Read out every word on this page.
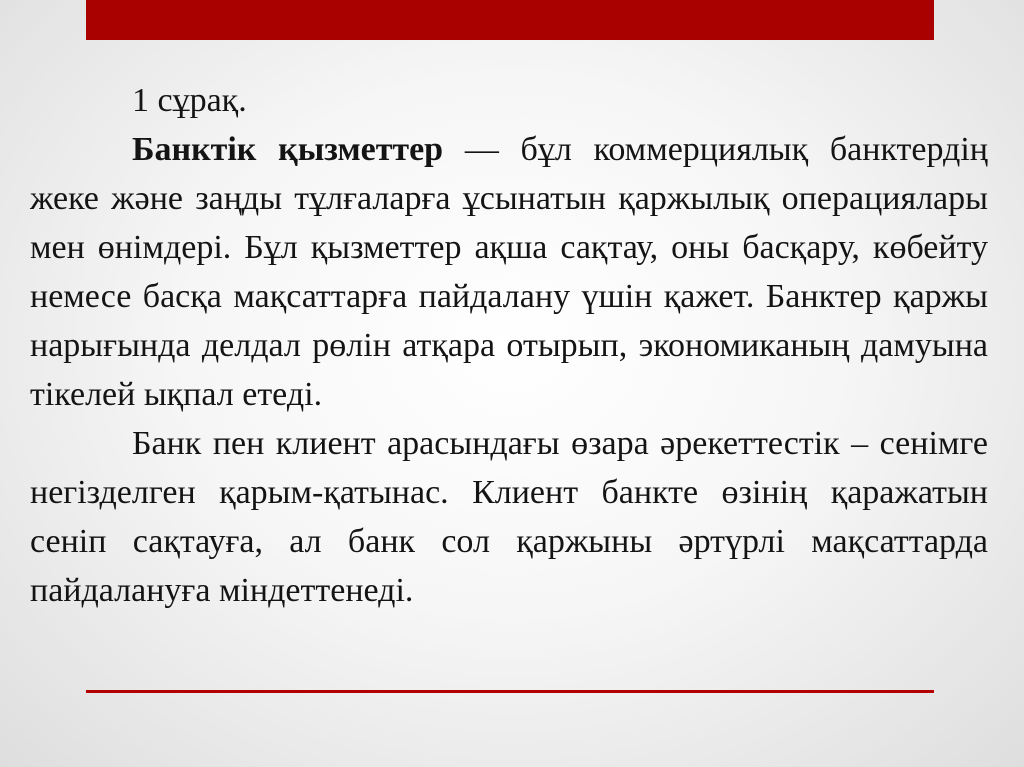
1 сұрақ.

Банктік қызметтер — бұл коммерциялық банктердің жеке және заңды тұлғаларға ұсынатын қаржылық операциялары мен өнімдері. Бұл қызметтер ақша сақтау, оны басқару, көбейту немесе басқа мақсаттарға пайдалану үшін қажет. Банктер қаржы нарығында делдал рөлін атқара отырып, экономиканың дамуына тікелей ықпал етеді.

Банк пен клиент арасындағы өзара әрекеттестік – сенімге негізделген қарым-қатынас. Клиент банкте өзінің қаражатын сеніп сақтауға, ал банк сол қаржыны әртүрлі мақсаттарда пайдалануға міндеттенеді.
